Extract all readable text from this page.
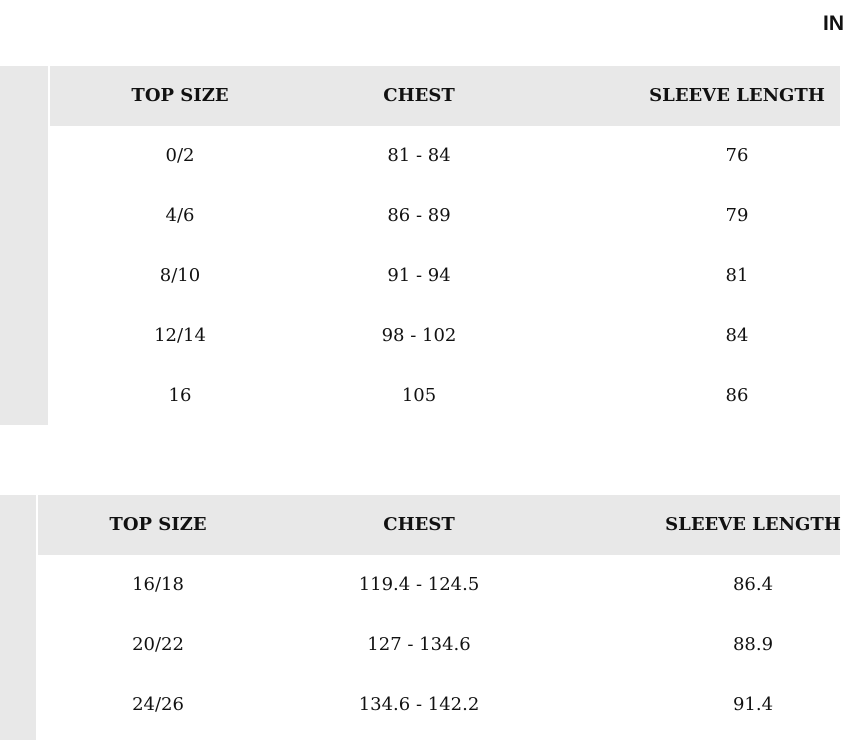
IN
TOP SIZE	CHEST	SLEEVE LENGTH
0/2	81 - 84	76
4/6	86 - 89	79
8/10	91 - 94	81
12/14	98 - 102	84
16	105	86
TOP SIZE	CHEST	SLEEVE LENGTH
16/18	119.4 - 124.5	86.4
20/22	127 - 134.6	88.9
24/26	134.6 - 142.2	91.4
